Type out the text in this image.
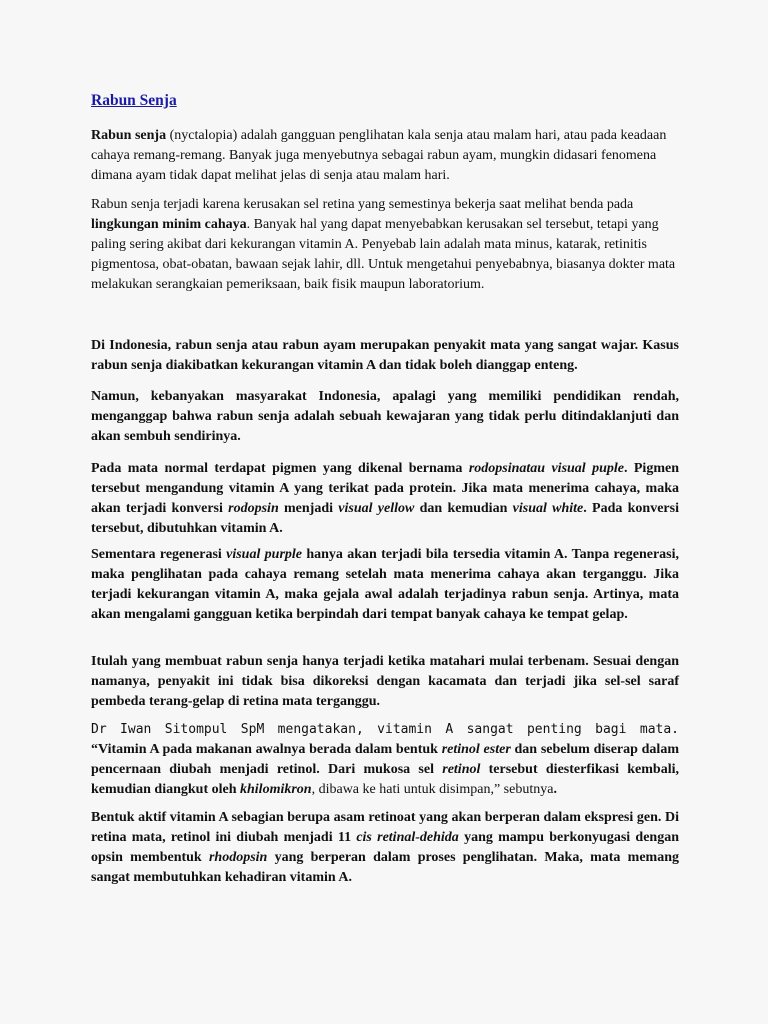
Rabun Senja

Rabun senja (nyctalopia) adalah gangguan penglihatan kala senja atau malam hari, atau pada keadaan cahaya remang-remang. Banyak juga menyebutnya sebagai rabun ayam, mungkin didasari fenomena dimana ayam tidak dapat melihat jelas di senja atau malam hari.

Rabun senja terjadi karena kerusakan sel retina yang semestinya bekerja saat melihat benda pada lingkungan minim cahaya. Banyak hal yang dapat menyebabkan kerusakan sel tersebut, tetapi yang paling sering akibat dari kekurangan vitamin A. Penyebab lain adalah mata minus, katarak, retinitis pigmentosa, obat-obatan, bawaan sejak lahir, dll. Untuk mengetahui penyebabnya, biasanya dokter mata melakukan serangkaian pemeriksaan, baik fisik maupun laboratorium.

Di Indonesia, rabun senja atau rabun ayam merupakan penyakit mata yang sangat wajar. Kasus rabun senja diakibatkan kekurangan vitamin A dan tidak boleh dianggap enteng.

Namun, kebanyakan masyarakat Indonesia, apalagi yang memiliki pendidikan rendah, menganggap bahwa rabun senja adalah sebuah kewajaran yang tidak perlu ditindaklanjuti dan akan sembuh sendirinya.

Pada mata normal terdapat pigmen yang dikenal bernama rodopsinatau visual puple. Pigmen tersebut mengandung vitamin A yang terikat pada protein. Jika mata menerima cahaya, maka akan terjadi konversi rodopsin menjadi visual yellow dan kemudian visual white. Pada konversi tersebut, dibutuhkan vitamin A.

Sementara regenerasi visual purple hanya akan terjadi bila tersedia vitamin A. Tanpa regenerasi, maka penglihatan pada cahaya remang setelah mata menerima cahaya akan terganggu. Jika terjadi kekurangan vitamin A, maka gejala awal adalah terjadinya rabun senja. Artinya, mata akan mengalami gangguan ketika berpindah dari tempat banyak cahaya ke tempat gelap.

Itulah yang membuat rabun senja hanya terjadi ketika matahari mulai terbenam. Sesuai dengan namanya, penyakit ini tidak bisa dikoreksi dengan kacamata dan terjadi jika sel-sel saraf pembeda terang-gelap di retina mata terganggu.

Dr Iwan Sitompul SpM mengatakan, vitamin A sangat penting bagi mata. “Vitamin A pada makanan awalnya berada dalam bentuk retinol ester dan sebelum diserap dalam pencernaan diubah menjadi retinol. Dari mukosa sel retinol tersebut diesterfikasi kembali, kemudian diangkut oleh khilomikron, dibawa ke hati untuk disimpan,” sebutnya.

Bentuk aktif vitamin A sebagian berupa asam retinoat yang akan berperan dalam ekspresi gen. Di retina mata, retinol ini diubah menjadi 11 cis retinal-dehida yang mampu berkonyugasi dengan opsin membentuk rhodopsin yang berperan dalam proses penglihatan. Maka, mata memang sangat membutuhkan kehadiran vitamin A.
